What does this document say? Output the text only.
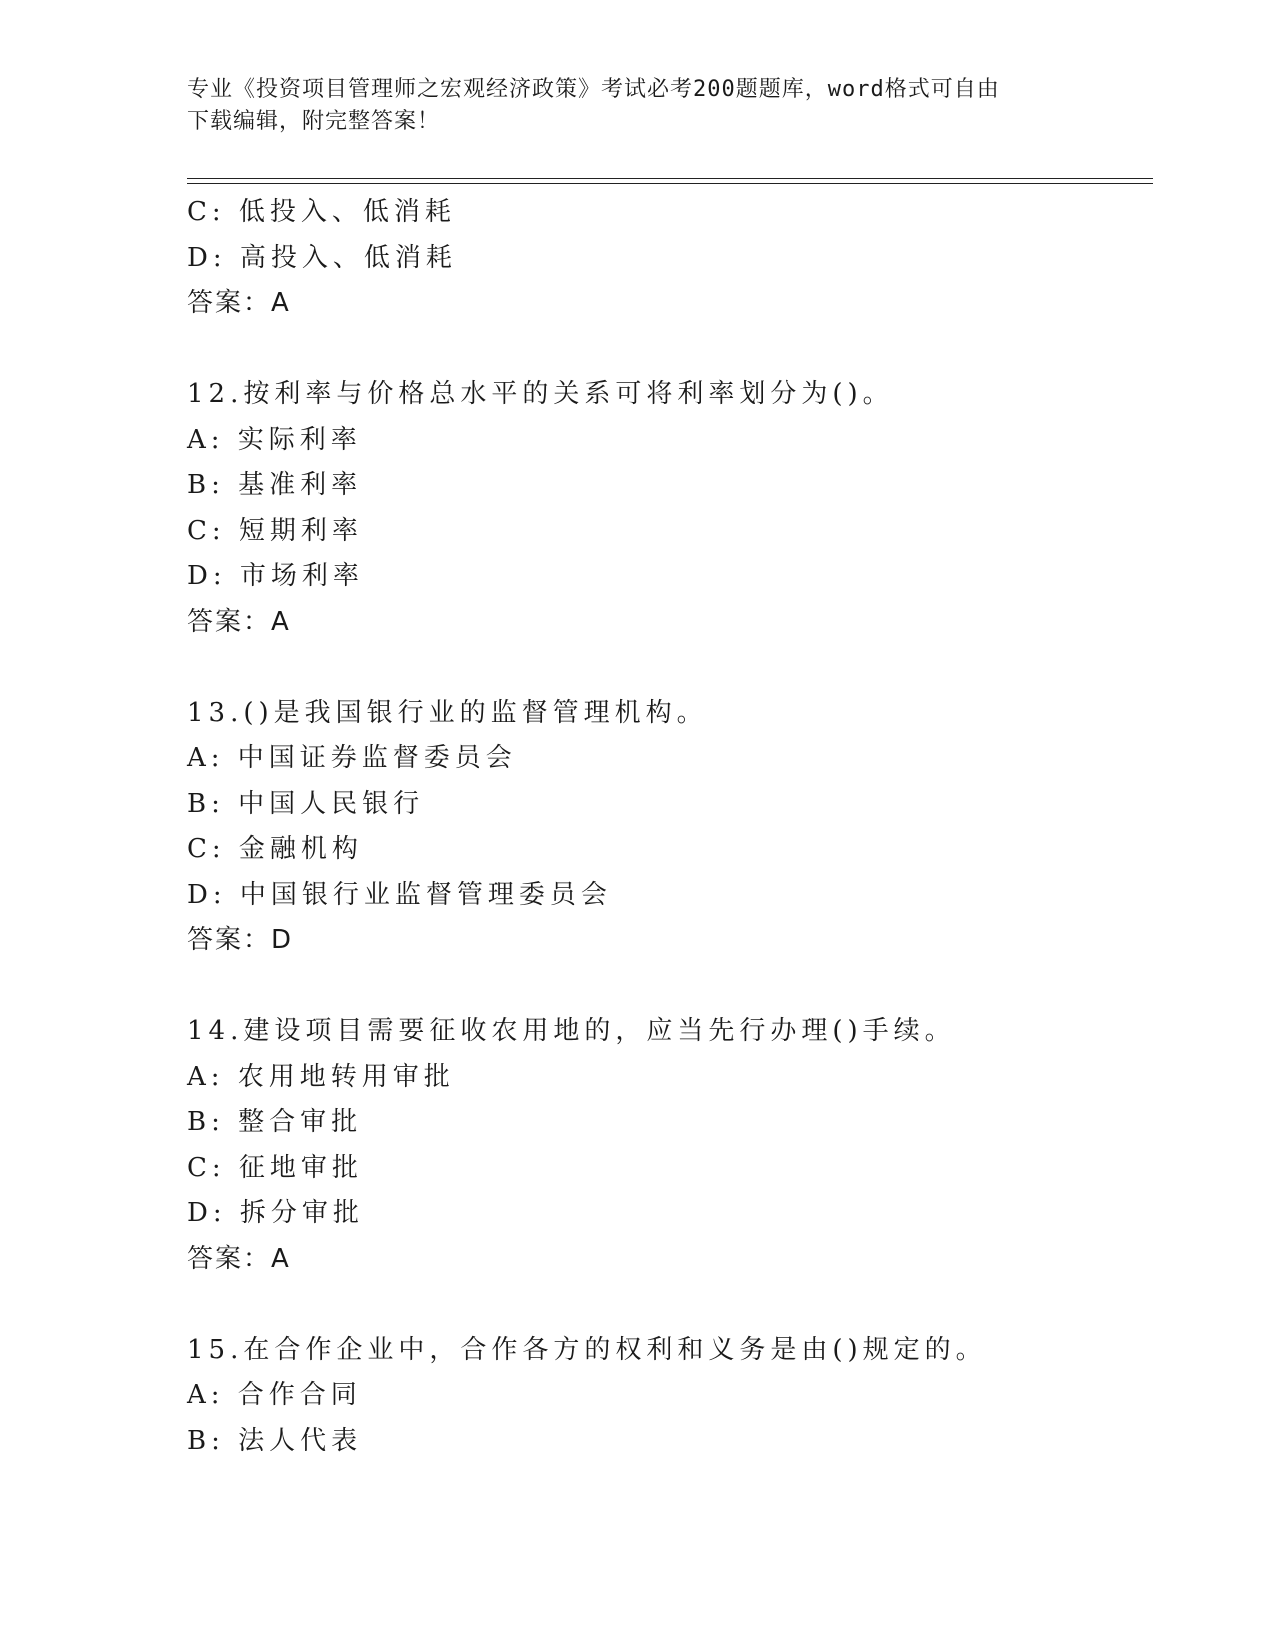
专业《投资项目管理师之宏观经济政策》考试必考200题题库，word格式可自由
下载编辑，附完整答案！
C: 低投入、低消耗
D: 高投入、低消耗
答案：A
12.按利率与价格总水平的关系可将利率划分为()。
A: 实际利率
B: 基准利率
C: 短期利率
D: 市场利率
答案：A
13.()是我国银行业的监督管理机构。
A: 中国证券监督委员会
B: 中国人民银行
C: 金融机构
D: 中国银行业监督管理委员会
答案：D
14.建设项目需要征收农用地的，应当先行办理()手续。
A: 农用地转用审批
B: 整合审批
C: 征地审批
D: 拆分审批
答案：A
15.在合作企业中，合作各方的权利和义务是由()规定的。
A: 合作合同
B: 法人代表
